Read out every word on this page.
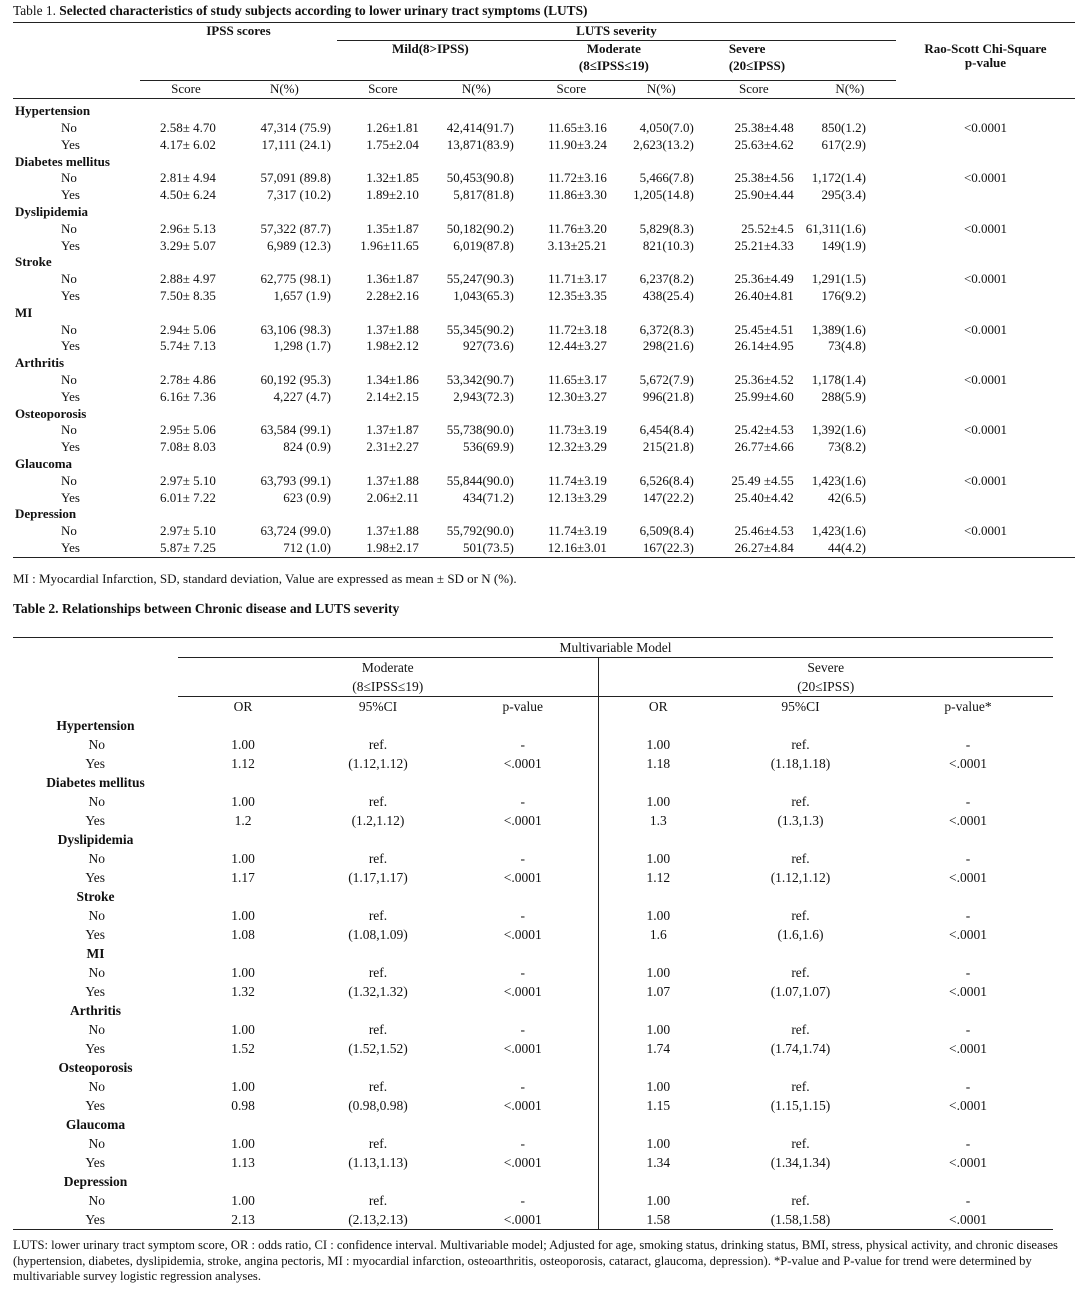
Table 1. Selected characteristics of study subjects according to lower urinary tract symptoms (LUTS)
	IPSS scores		LUTS severity						
			Mild(8>IPSS)		Moderate		Severe		Rao-Scott Chi-Square
					(8≤IPSS≤19)		(20≤IPSS)		p-value

	Score	N(%)	Score	N(%)	Score	N(%)	Score	N(%)	

Hypertension									
No	2.58± 4.70	47,314 (75.9)	1.26±1.81	42,414(91.7)	11.65±3.16	4,050(7.0)	25.38±4.48	850(1.2)	<0.0001
Yes	4.17± 6.02	17,111 (24.1)	1.75±2.04	13,871(83.9)	11.90±3.24	2,623(13.2)	25.63±4.62	617(2.9)	
Diabetes mellitus									
No	2.81± 4.94	57,091 (89.8)	1.32±1.85	50,453(90.8)	11.72±3.16	5,466(7.8)	25.38±4.56	1,172(1.4)	<0.0001
Yes	4.50± 6.24	7,317 (10.2)	1.89±2.10	5,817(81.8)	11.86±3.30	1,205(14.8)	25.90±4.44	295(3.4)	
Dyslipidemia									
No	2.96± 5.13	57,322 (87.7)	1.35±1.87	50,182(90.2)	11.76±3.20	5,829(8.3)	25.52±4.5	61,311(1.6)	<0.0001
Yes	3.29± 5.07	6,989 (12.3)	1.96±11.65	6,019(87.8)	3.13±25.21	821(10.3)	25.21±4.33	149(1.9)	
Stroke									
No	2.88± 4.97	62,775 (98.1)	1.36±1.87	55,247(90.3)	11.71±3.17	6,237(8.2)	25.36±4.49	1,291(1.5)	<0.0001
Yes	7.50± 8.35	1,657 (1.9)	2.28±2.16	1,043(65.3)	12.35±3.35	438(25.4)	26.40±4.81	176(9.2)	
MI									
No	2.94± 5.06	63,106 (98.3)	1.37±1.88	55,345(90.2)	11.72±3.18	6,372(8.3)	25.45±4.51	1,389(1.6)	<0.0001
Yes	5.74± 7.13	1,298 (1.7)	1.98±2.12	927(73.6)	12.44±3.27	298(21.6)	26.14±4.95	73(4.8)	
Arthritis									
No	2.78± 4.86	60,192 (95.3)	1.34±1.86	53,342(90.7)	11.65±3.17	5,672(7.9)	25.36±4.52	1,178(1.4)	<0.0001
Yes	6.16± 7.36	4,227 (4.7)	2.14±2.15	2,943(72.3)	12.30±3.27	996(21.8)	25.99±4.60	288(5.9)	
Osteoporosis									
No	2.95± 5.06	63,584 (99.1)	1.37±1.87	55,738(90.0)	11.73±3.19	6,454(8.4)	25.42±4.53	1,392(1.6)	<0.0001
Yes	7.08± 8.03	824 (0.9)	2.31±2.27	536(69.9)	12.32±3.29	215(21.8)	26.77±4.66	73(8.2)	
Glaucoma									
No	2.97± 5.10	63,793 (99.1)	1.37±1.88	55,844(90.0)	11.74±3.19	6,526(8.4)	25.49 ±4.55	1,423(1.6)	<0.0001
Yes	6.01± 7.22	623 (0.9)	2.06±2.11	434(71.2)	12.13±3.29	147(22.2)	25.40±4.42	42(6.5)	
Depression									
No	2.97± 5.10	63,724 (99.0)	1.37±1.88	55,792(90.0)	11.74±3.19	6,509(8.4)	25.46±4.53	1,423(1.6)	<0.0001
Yes	5.87± 7.25	712 (1.0)	1.98±2.17	501(73.5)	12.16±3.01	167(22.3)	26.27±4.84	44(4.2)	
MI : Myocardial Infarction, SD, standard deviation, Value are expressed as mean ± SD or N (%).
Table 2. Relationships between Chronic disease and LUTS severity
	Multivariable Model					
	Moderate			Severe		
	(8≤IPSS≤19)			(20≤IPSS)		
	OR	95%CI	p-value	OR	95%CI	p-value*
Hypertension						
No	1.00	ref.	-	1.00	ref.	-
Yes	1.12	(1.12,1.12)	<.0001	1.18	(1.18,1.18)	<.0001
Diabetes mellitus						
No	1.00	ref.	-	1.00	ref.	-
Yes	1.2	(1.2,1.12)	<.0001	1.3	(1.3,1.3)	<.0001
Dyslipidemia						
No	1.00	ref.	-	1.00	ref.	-
Yes	1.17	(1.17,1.17)	<.0001	1.12	(1.12,1.12)	<.0001
Stroke						
No	1.00	ref.	-	1.00	ref.	-
Yes	1.08	(1.08,1.09)	<.0001	1.6	(1.6,1.6)	<.0001
MI						
No	1.00	ref.	-	1.00	ref.	-
Yes	1.32	(1.32,1.32)	<.0001	1.07	(1.07,1.07)	<.0001
Arthritis						
No	1.00	ref.	-	1.00	ref.	-
Yes	1.52	(1.52,1.52)	<.0001	1.74	(1.74,1.74)	<.0001
Osteoporosis						
No	1.00	ref.	-	1.00	ref.	-
Yes	0.98	(0.98,0.98)	<.0001	1.15	(1.15,1.15)	<.0001
Glaucoma						
No	1.00	ref.	-	1.00	ref.	-
Yes	1.13	(1.13,1.13)	<.0001	1.34	(1.34,1.34)	<.0001
Depression						
No	1.00	ref.	-	1.00	ref.	-
Yes	2.13	(2.13,2.13)	<.0001	1.58	(1.58,1.58)	<.0001
LUTS: lower urinary tract symptom score, OR : odds ratio, CI : confidence interval. Multivariable model; Adjusted for age, smoking status, drinking status, BMI, stress, physical activity, and chronic diseases (hypertension, diabetes, dyslipidemia, stroke, angina pectoris, MI : myocardial infarction, osteoarthritis, osteoporosis, cataract, glaucoma, depression). *P-value and P-value for trend were determined by multivariable survey logistic regression analyses.
